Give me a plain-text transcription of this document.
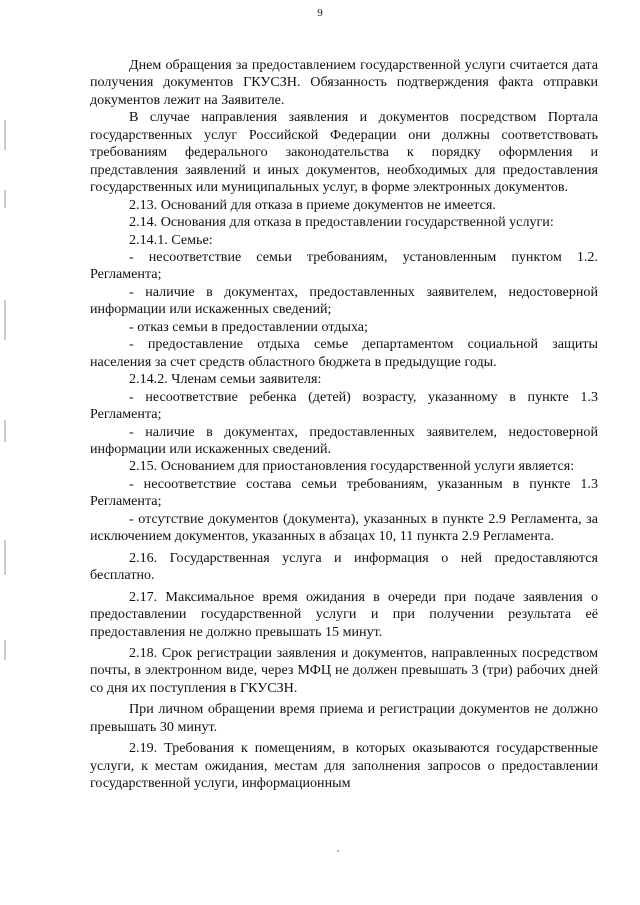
9

Днем обращения за предоставлением государственной услуги считается дата получения документов ГКУСЗН. Обязанность подтверждения факта отправки документов лежит на Заявителе.

В случае направления заявления и документов посредством Портала государственных услуг Российской Федерации они должны соответствовать требованиям федерального законодательства к порядку оформления и представления заявлений и иных документов, необходимых для предоставления государственных или муниципальных услуг, в форме электронных документов.

2.13. Оснований для отказа в приеме документов не имеется.

2.14. Основания для отказа в предоставлении государственной услуги:

2.14.1. Семье:

- несоответствие семьи требованиям, установленным пунктом 1.2. Регламента;

- наличие в документах, предоставленных заявителем, недостоверной информации или искаженных сведений;

- отказ семьи в предоставлении отдыха;

- предоставление отдыха семье департаментом социальной защиты населения за счет средств областного бюджета в предыдущие годы.

2.14.2. Членам семьи заявителя:

- несоответствие ребенка (детей) возрасту, указанному в пункте 1.3 Регламента;

- наличие в документах, предоставленных заявителем, недостоверной информации или искаженных сведений.

2.15. Основанием для приостановления государственной услуги является:

- несоответствие состава семьи требованиям, указанным в пункте 1.3 Регламента;

- отсутствие документов (документа), указанных в пункте 2.9 Регламента, за исключением документов, указанных в абзацах 10, 11 пункта 2.9 Регламента.

2.16. Государственная услуга и информация о ней предоставляются бесплатно.

2.17. Максимальное время ожидания в очереди при подаче заявления о предоставлении государственной услуги и при получении результата её предоставления не должно превышать 15 минут.

2.18. Срок регистрации заявления и документов, направленных посредством почты, в электронном виде, через МФЦ не должен превышать 3 (три) рабочих дней со дня их поступления в ГКУСЗН.

При личном обращении время приема и регистрации документов не должно превышать 30 минут.

2.19. Требования к помещениям, в которых оказываются государственные услуги, к местам ожидания, местам для заполнения запросов о предоставлении государственной услуги, информационным
